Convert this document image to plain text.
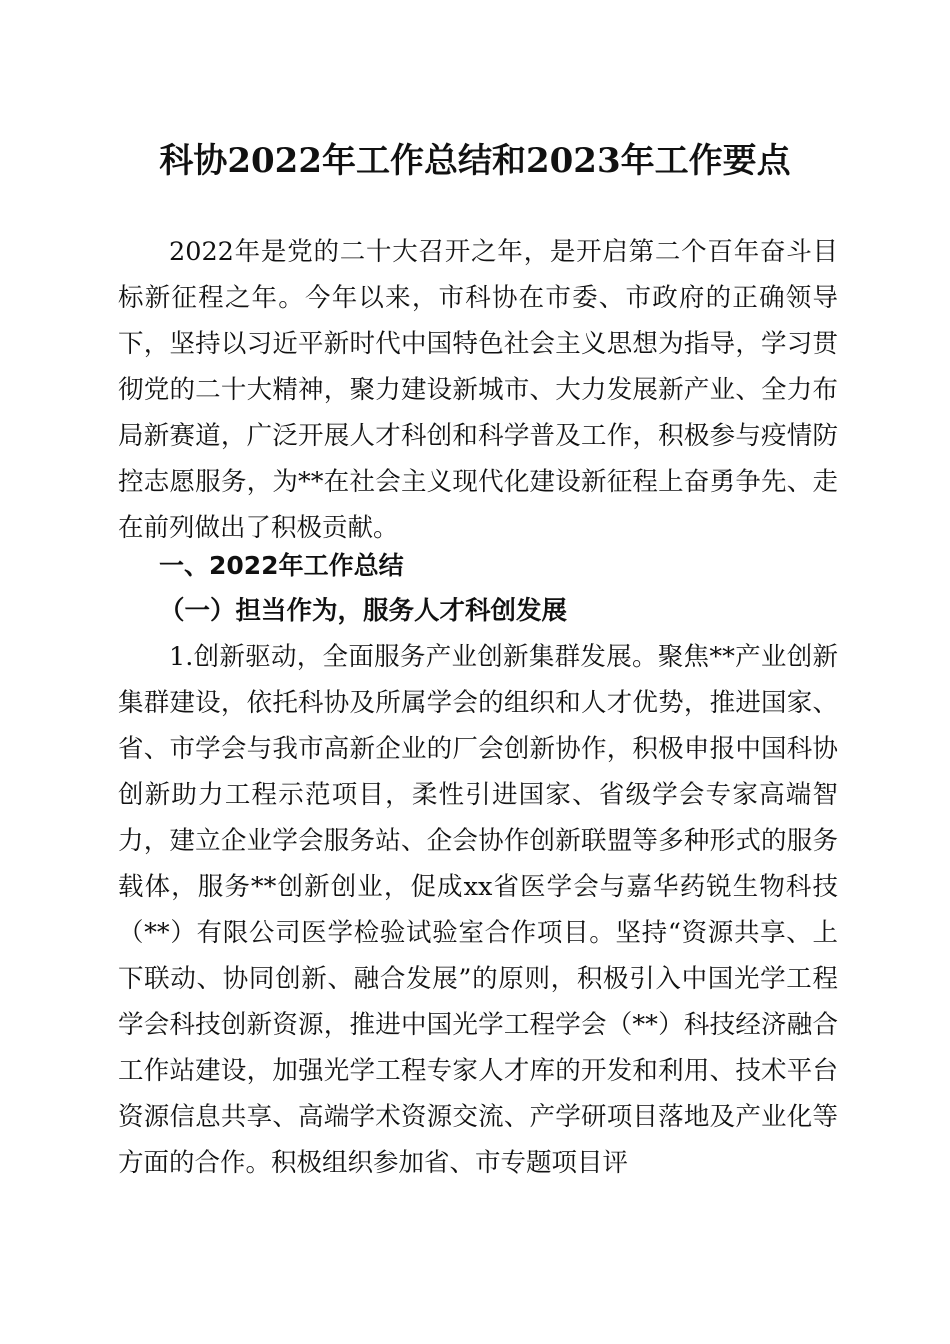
科协2022年工作总结和2023年工作要点

2022年是党的二十大召开之年，是开启第二个百年奋斗目标新征程之年。今年以来，市科协在市委、市政府的正确领导下，坚持以习近平新时代中国特色社会主义思想为指导，学习贯彻党的二十大精神，聚力建设新城市、大力发展新产业、全力布局新赛道，广泛开展人才科创和科学普及工作，积极参与疫情防控志愿服务，为**在社会主义现代化建设新征程上奋勇争先、走在前列做出了积极贡献。

一、2022年工作总结
（一）担当作为，服务人才科创发展

1.创新驱动，全面服务产业创新集群发展。聚焦**产业创新集群建设，依托科协及所属学会的组织和人才优势，推进国家、省、市学会与我市高新企业的厂会创新协作，积极申报中国科协创新助力工程示范项目，柔性引进国家、省级学会专家高端智力，建立企业学会服务站、企会协作创新联盟等多种形式的服务载体，服务**创新创业，促成xx省医学会与嘉华药锐生物科技（**）有限公司医学检验试验室合作项目。坚持“资源共享、上下联动、协同创新、融合发展”的原则，积极引入中国光学工程学会科技创新资源，推进中国光学工程学会（**）科技经济融合工作站建设，加强光学工程专家人才库的开发和利用、技术平台资源信息共享、高端学术资源交流、产学研项目落地及产业化等方面的合作。积极组织参加省、市专题项目评
